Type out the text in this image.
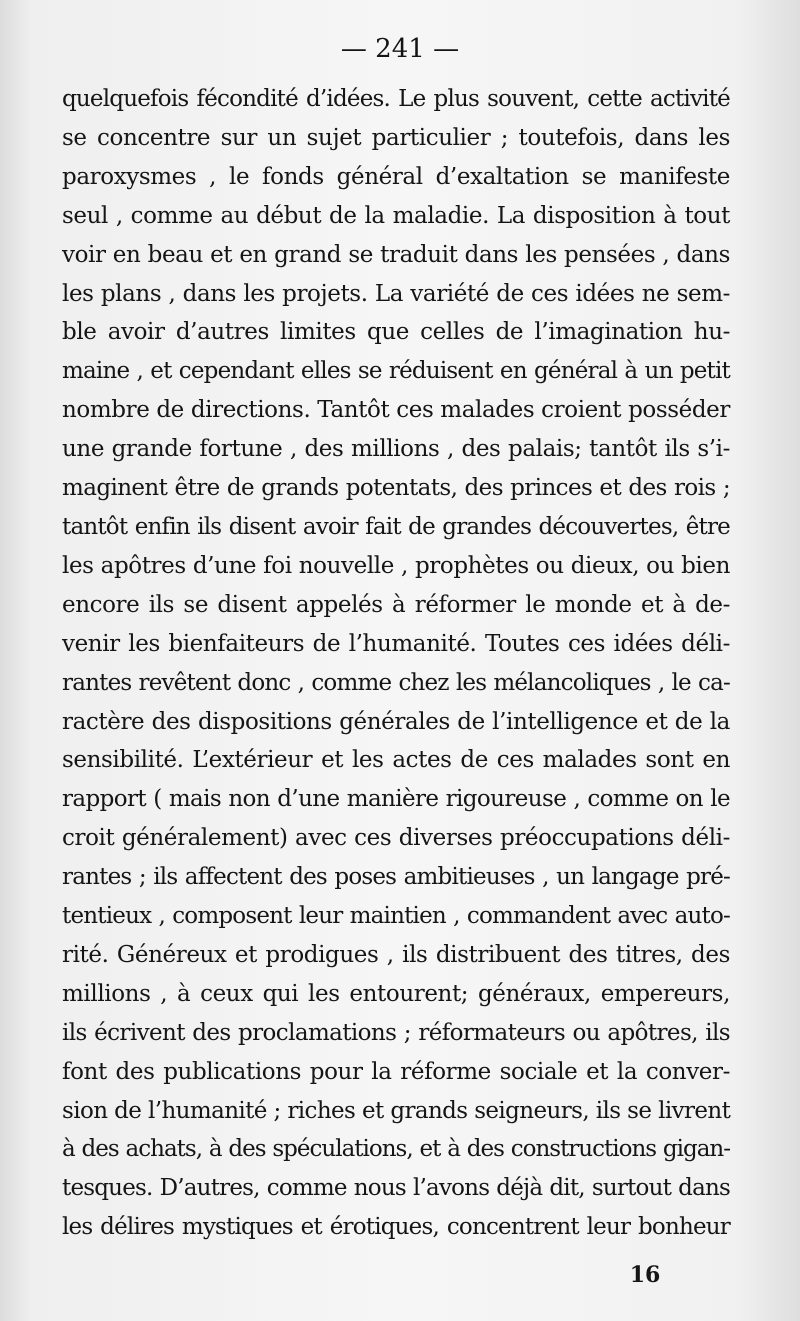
— 241 —
quelquefois fécondité d’idées. Le plus souvent, cette activité
se concentre sur un sujet particulier ; toutefois, dans les
paroxysmes , le fonds général d’exaltation se manifeste
seul , comme au début de la maladie. La disposition à tout
voir en beau et en grand se traduit dans les pensées , dans
les plans , dans les projets. La variété de ces idées ne sem-
ble avoir d’autres limites que celles de l’imagination hu-
maine , et cependant elles se réduisent en général à un petit
nombre de directions. Tantôt ces malades croient posséder
une grande fortune , des millions , des palais; tantôt ils s’i-
maginent être de grands potentats, des princes et des rois ;
tantôt enfin ils disent avoir fait de grandes découvertes, être
les apôtres d’une foi nouvelle , prophètes ou dieux, ou bien
encore ils se disent appelés à réformer le monde et à de-
venir les bienfaiteurs de l’humanité. Toutes ces idées déli-
rantes revêtent donc , comme chez les mélancoliques , le ca-
ractère des dispositions générales de l’intelligence et de la
sensibilité. L’extérieur et les actes de ces malades sont en
rapport ( mais non d’une manière rigoureuse , comme on le
croit généralement) avec ces diverses préoccupations déli-
rantes ; ils affectent des poses ambitieuses , un langage pré-
tentieux , composent leur maintien , commandent avec auto-
rité. Généreux et prodigues , ils distribuent des titres, des
millions , à ceux qui les entourent; généraux, empereurs,
ils écrivent des proclamations ; réformateurs ou apôtres, ils
font des publications pour la réforme sociale et la conver-
sion de l’humanité ; riches et grands seigneurs, ils se livrent
à des achats, à des spéculations, et à des constructions gigan-
tesques. D’autres, comme nous l’avons déjà dit, surtout dans
les délires mystiques et érotiques, concentrent leur bonheur
16
